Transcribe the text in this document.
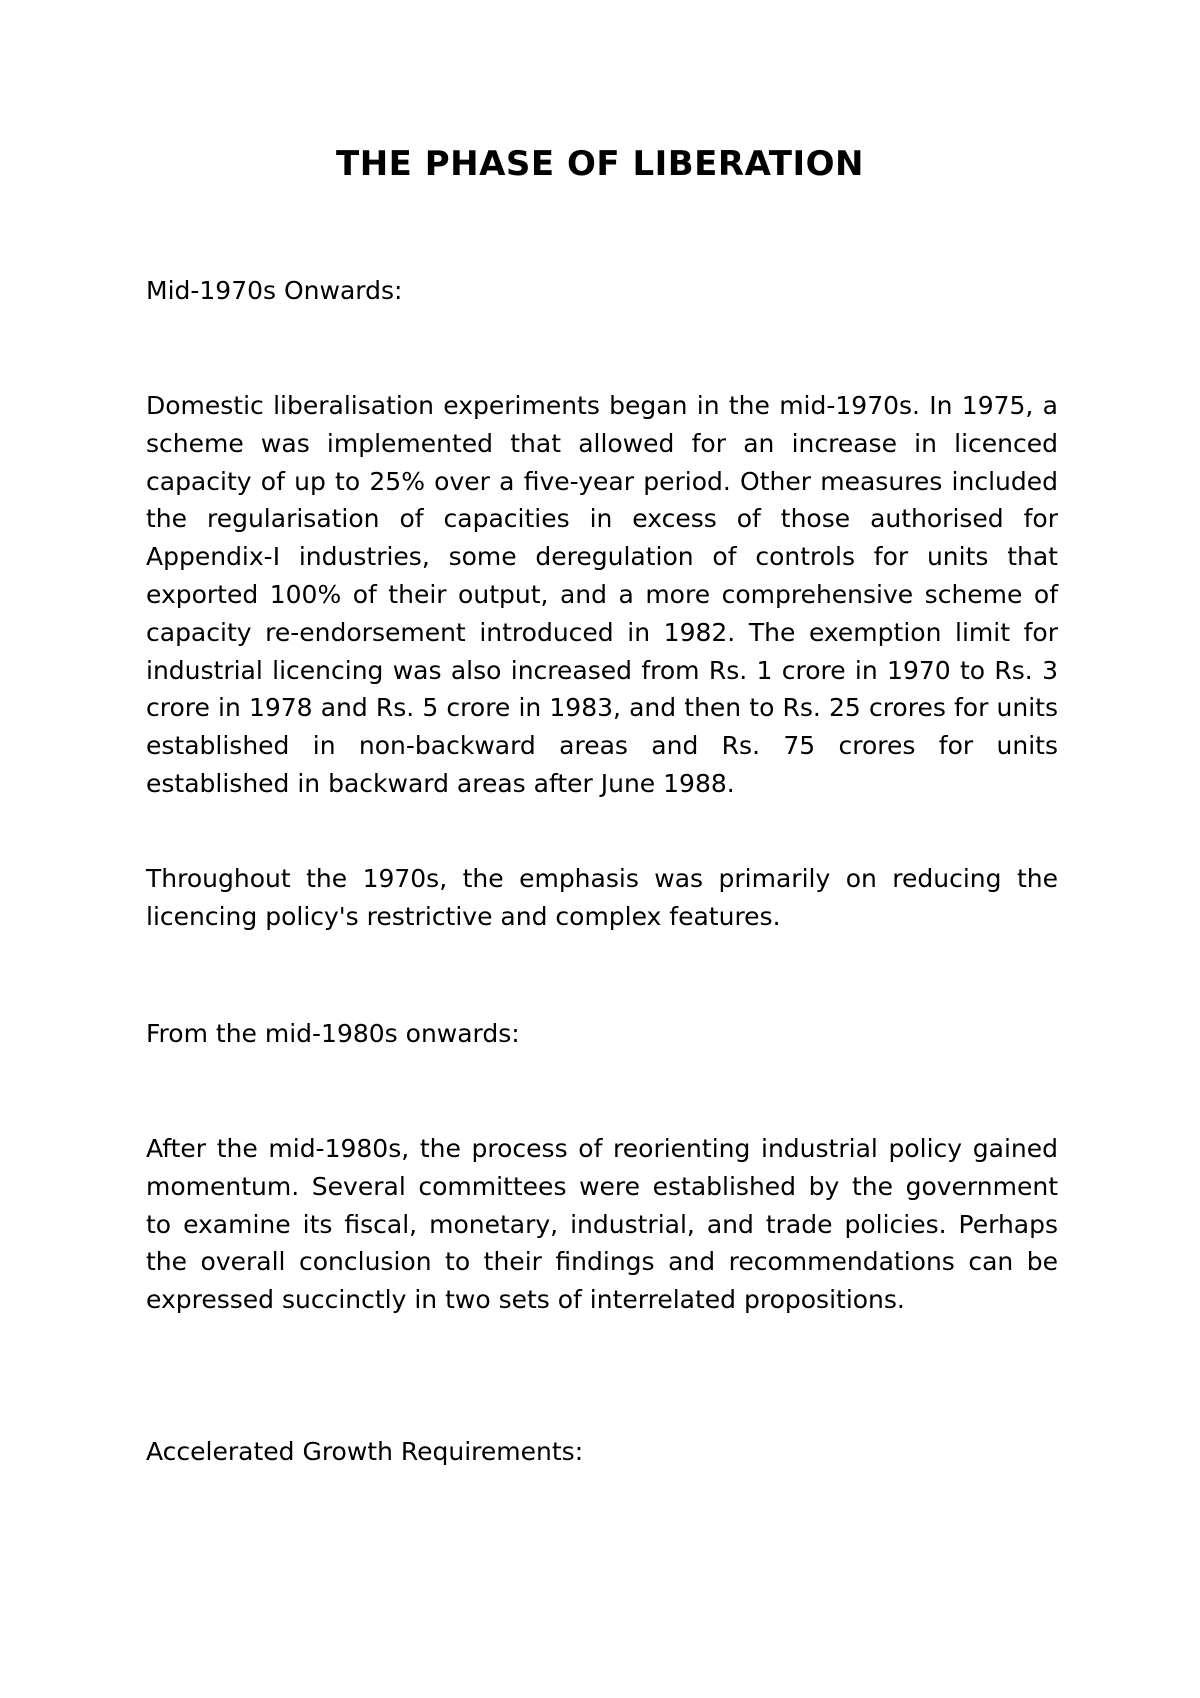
THE PHASE OF LIBERATION

Mid-1970s Onwards:

Domestic liberalisation experiments began in the mid-1970s. In 1975, a scheme was implemented that allowed for an increase in licenced capacity of up to 25% over a five-year period. Other measures included the regularisation of capacities in excess of those authorised for Appendix-I industries, some deregulation of controls for units that exported 100% of their output, and a more comprehensive scheme of capacity re-endorsement introduced in 1982. The exemption limit for industrial licencing was also increased from Rs. 1 crore in 1970 to Rs. 3 crore in 1978 and Rs. 5 crore in 1983, and then to Rs. 25 crores for units established in non-backward areas and Rs. 75 crores for units established in backward areas after June 1988.

Throughout the 1970s, the emphasis was primarily on reducing the licencing policy's restrictive and complex features.

From the mid-1980s onwards:

After the mid-1980s, the process of reorienting industrial policy gained momentum. Several committees were established by the government to examine its fiscal, monetary, industrial, and trade policies. Perhaps the overall conclusion to their findings and recommendations can be expressed succinctly in two sets of interrelated propositions.

Accelerated Growth Requirements:
